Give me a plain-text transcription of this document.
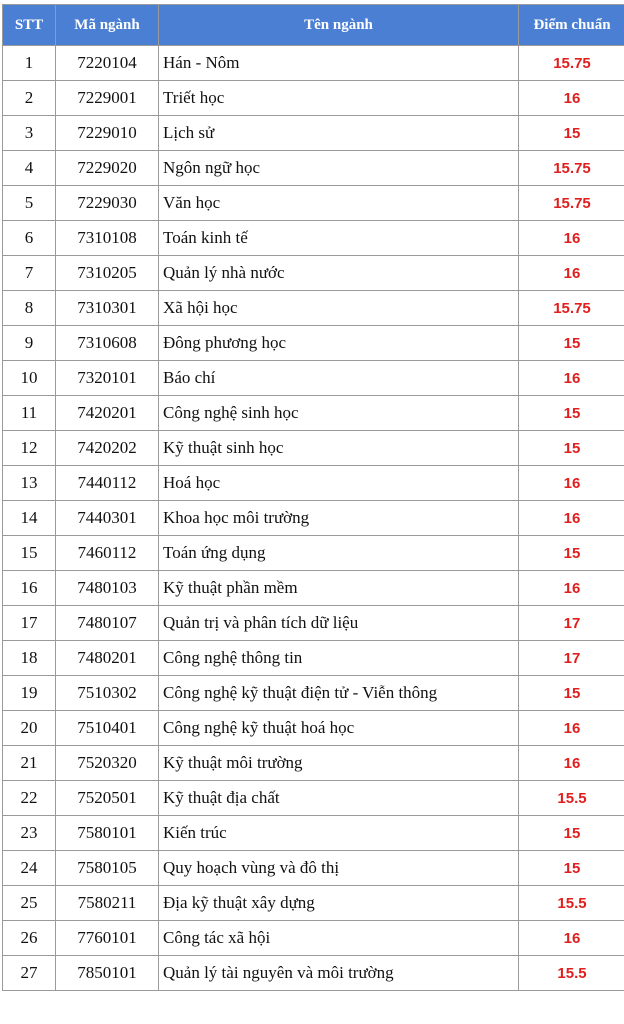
STT	Mã ngành	Tên ngành	Điểm chuẩn
1	7220104	Hán - Nôm	15.75
2	7229001	Triết học	16
3	7229010	Lịch sử	15
4	7229020	Ngôn ngữ học	15.75
5	7229030	Văn học	15.75
6	7310108	Toán kinh tế	16
7	7310205	Quản lý nhà nước	16
8	7310301	Xã hội học	15.75
9	7310608	Đông phương học	15
10	7320101	Báo chí	16
11	7420201	Công nghệ sinh học	15
12	7420202	Kỹ thuật sinh học	15
13	7440112	Hoá học	16
14	7440301	Khoa học môi trường	16
15	7460112	Toán ứng dụng	15
16	7480103	Kỹ thuật phần mềm	16
17	7480107	Quản trị và phân tích dữ liệu	17
18	7480201	Công nghệ thông tin	17
19	7510302	Công nghệ kỹ thuật điện tử - Viễn thông	15
20	7510401	Công nghệ kỹ thuật hoá học	16
21	7520320	Kỹ thuật môi trường	16
22	7520501	Kỹ thuật địa chất	15.5
23	7580101	Kiến trúc	15
24	7580105	Quy hoạch vùng và đô thị	15
25	7580211	Địa kỹ thuật xây dựng	15.5
26	7760101	Công tác xã hội	16
27	7850101	Quản lý tài nguyên và môi trường	15.5
